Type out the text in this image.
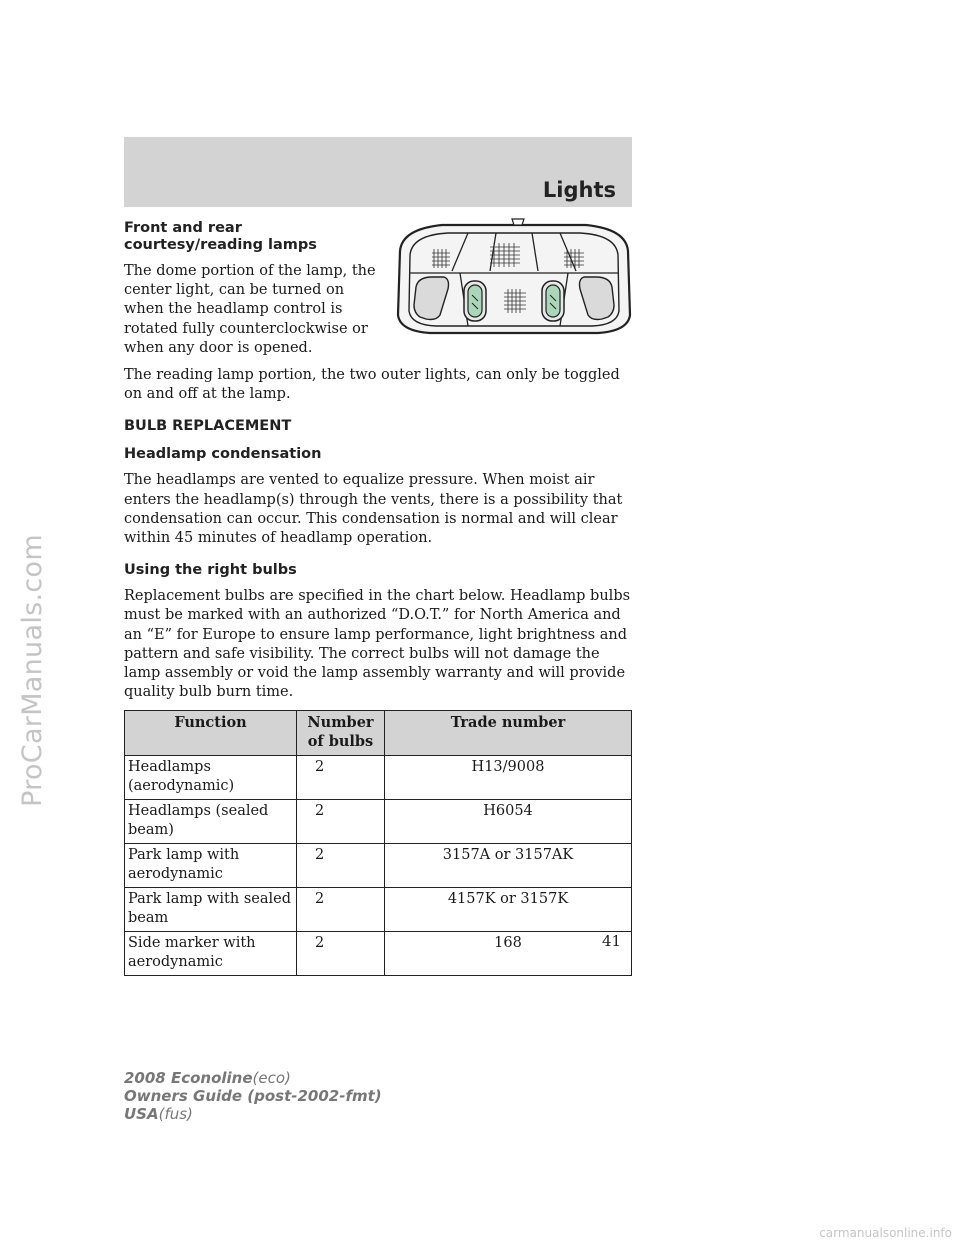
ProCarManuals.com
Lights
Front and rear courtesy/reading lamps

The dome portion of the lamp, the center light, can be turned on when the headlamp control is rotated fully counterclockwise or when any door is opened.

The reading lamp portion, the two outer lights, can only be toggled on and off at the lamp.

BULB REPLACEMENT
Headlamp condensation

The headlamps are vented to equalize pressure. When moist air enters the headlamp(s) through the vents, there is a possibility that condensation can occur. This condensation is normal and will clear within 45 minutes of headlamp operation.

Using the right bulbs

Replacement bulbs are specified in the chart below. Headlamp bulbs must be marked with an authorized “D.O.T.” for North America and an “E” for Europe to ensure lamp performance, light brightness and pattern and safe visibility. The correct bulbs will not damage the lamp assembly or void the lamp assembly warranty and will provide quality bulb burn time.

Function	Number of bulbs	Trade number
Headlamps (aerodynamic)	2	H13/9008
Headlamps (sealed beam)	2	H6054
Park lamp with aerodynamic	2	3157A or 3157AK
Park lamp with sealed beam	2	4157K or 3157K
Side marker with aerodynamic	2	168	41
2008 Econoline(eco)
Owners Guide (post-2002-fmt)
USA(fus)
carmanualsonline.info
